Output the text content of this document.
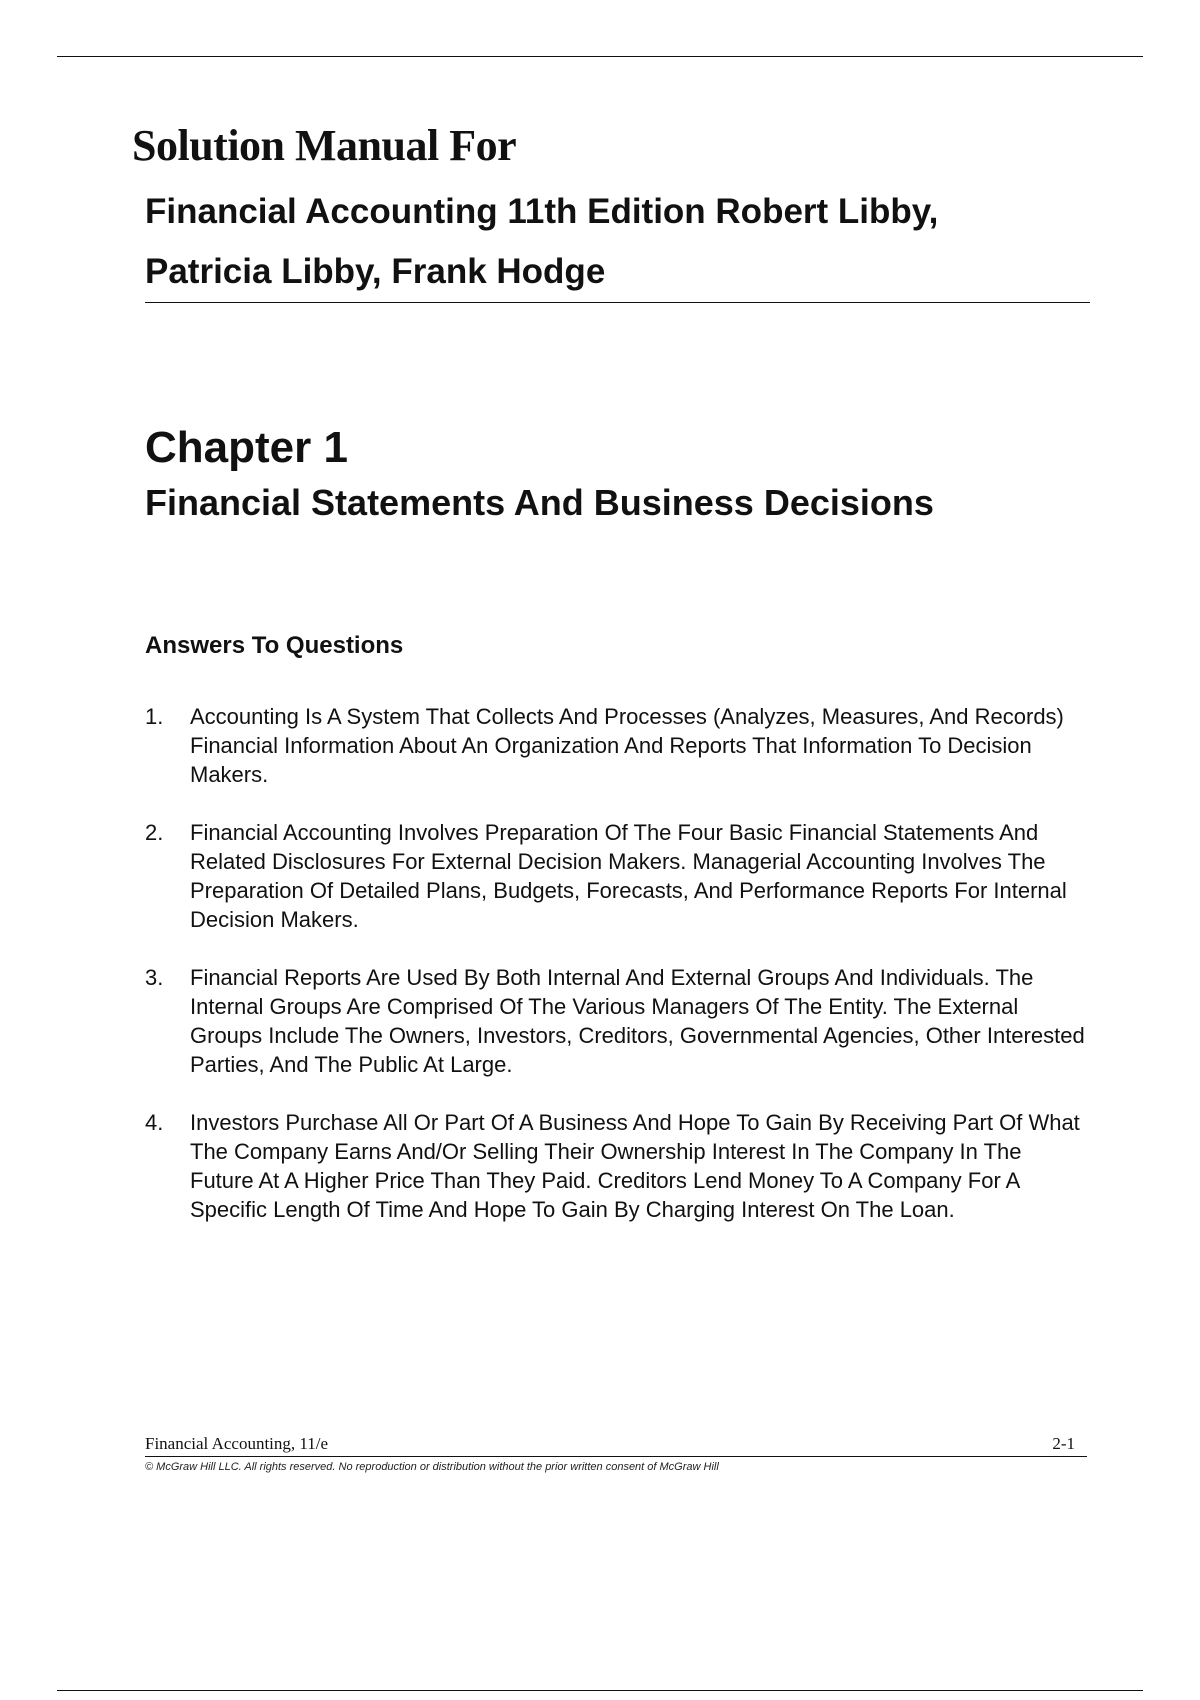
Solution Manual For
Financial Accounting 11th Edition Robert Libby,
Patricia Libby, Frank Hodge
Chapter 1
Financial Statements And Business Decisions
Answers To Questions
1. Accounting Is A System That Collects And Processes (Analyzes, Measures, And Records) Financial Information About An Organization And Reports That Information To Decision Makers.
2. Financial Accounting Involves Preparation Of The Four Basic Financial Statements And Related Disclosures For External Decision Makers. Managerial Accounting Involves The Preparation Of Detailed Plans, Budgets, Forecasts, And Performance Reports For Internal Decision Makers.
3. Financial Reports Are Used By Both Internal And External Groups And Individuals. The Internal Groups Are Comprised Of The Various Managers Of The Entity. The External Groups Include The Owners, Investors, Creditors, Governmental Agencies, Other Interested Parties, And The Public At Large.
4. Investors Purchase All Or Part Of A Business And Hope To Gain By Receiving Part Of What The Company Earns And/Or Selling Their Ownership Interest In The Company In The Future At A Higher Price Than They Paid. Creditors Lend Money To A Company For A Specific Length Of Time And Hope To Gain By Charging Interest On The Loan.
Financial Accounting, 11/e	2-1
© McGraw Hill LLC. All rights reserved. No reproduction or distribution without the prior written consent of McGraw Hill
